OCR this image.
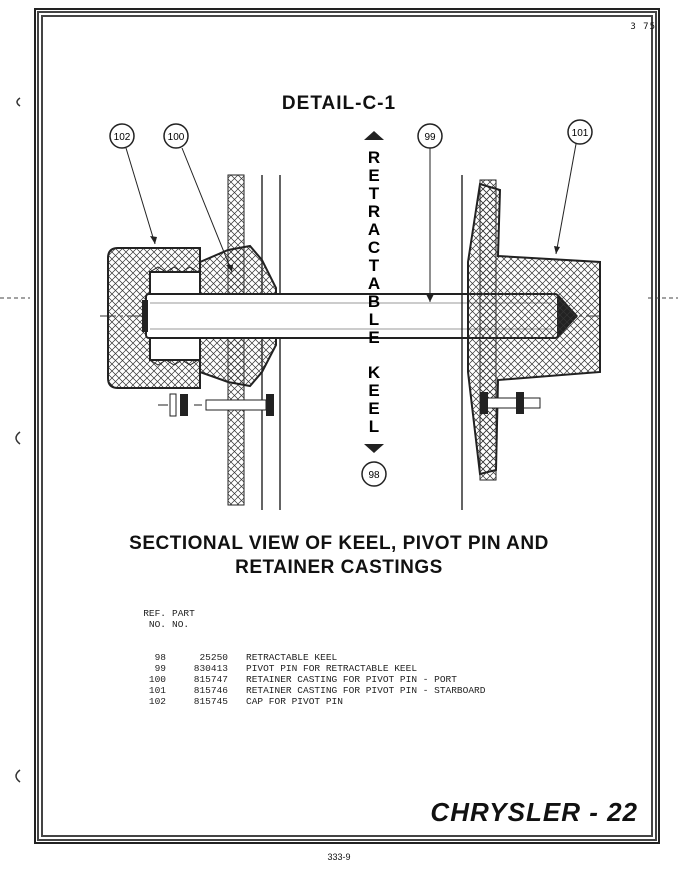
3 75
DETAIL-C-1
R
E
T
R
A
C
T
A
B
L
E
K
E
E
L
102	100	99	101
98
SECTIONAL VIEW OF KEEL, PIVOT PIN AND
RETAINER CASTINGS
REF. PART
NO. NO.
98	25250	RETRACTABLE KEEL
99	830413	PIVOT PIN FOR RETRACTABLE KEEL
100	815747	RETAINER CASTING FOR PIVOT PIN - PORT
101	815746	RETAINER CASTING FOR PIVOT PIN - STARBOARD
102	815745	CAP FOR PIVOT PIN
CHRYSLER - 22
333-9
